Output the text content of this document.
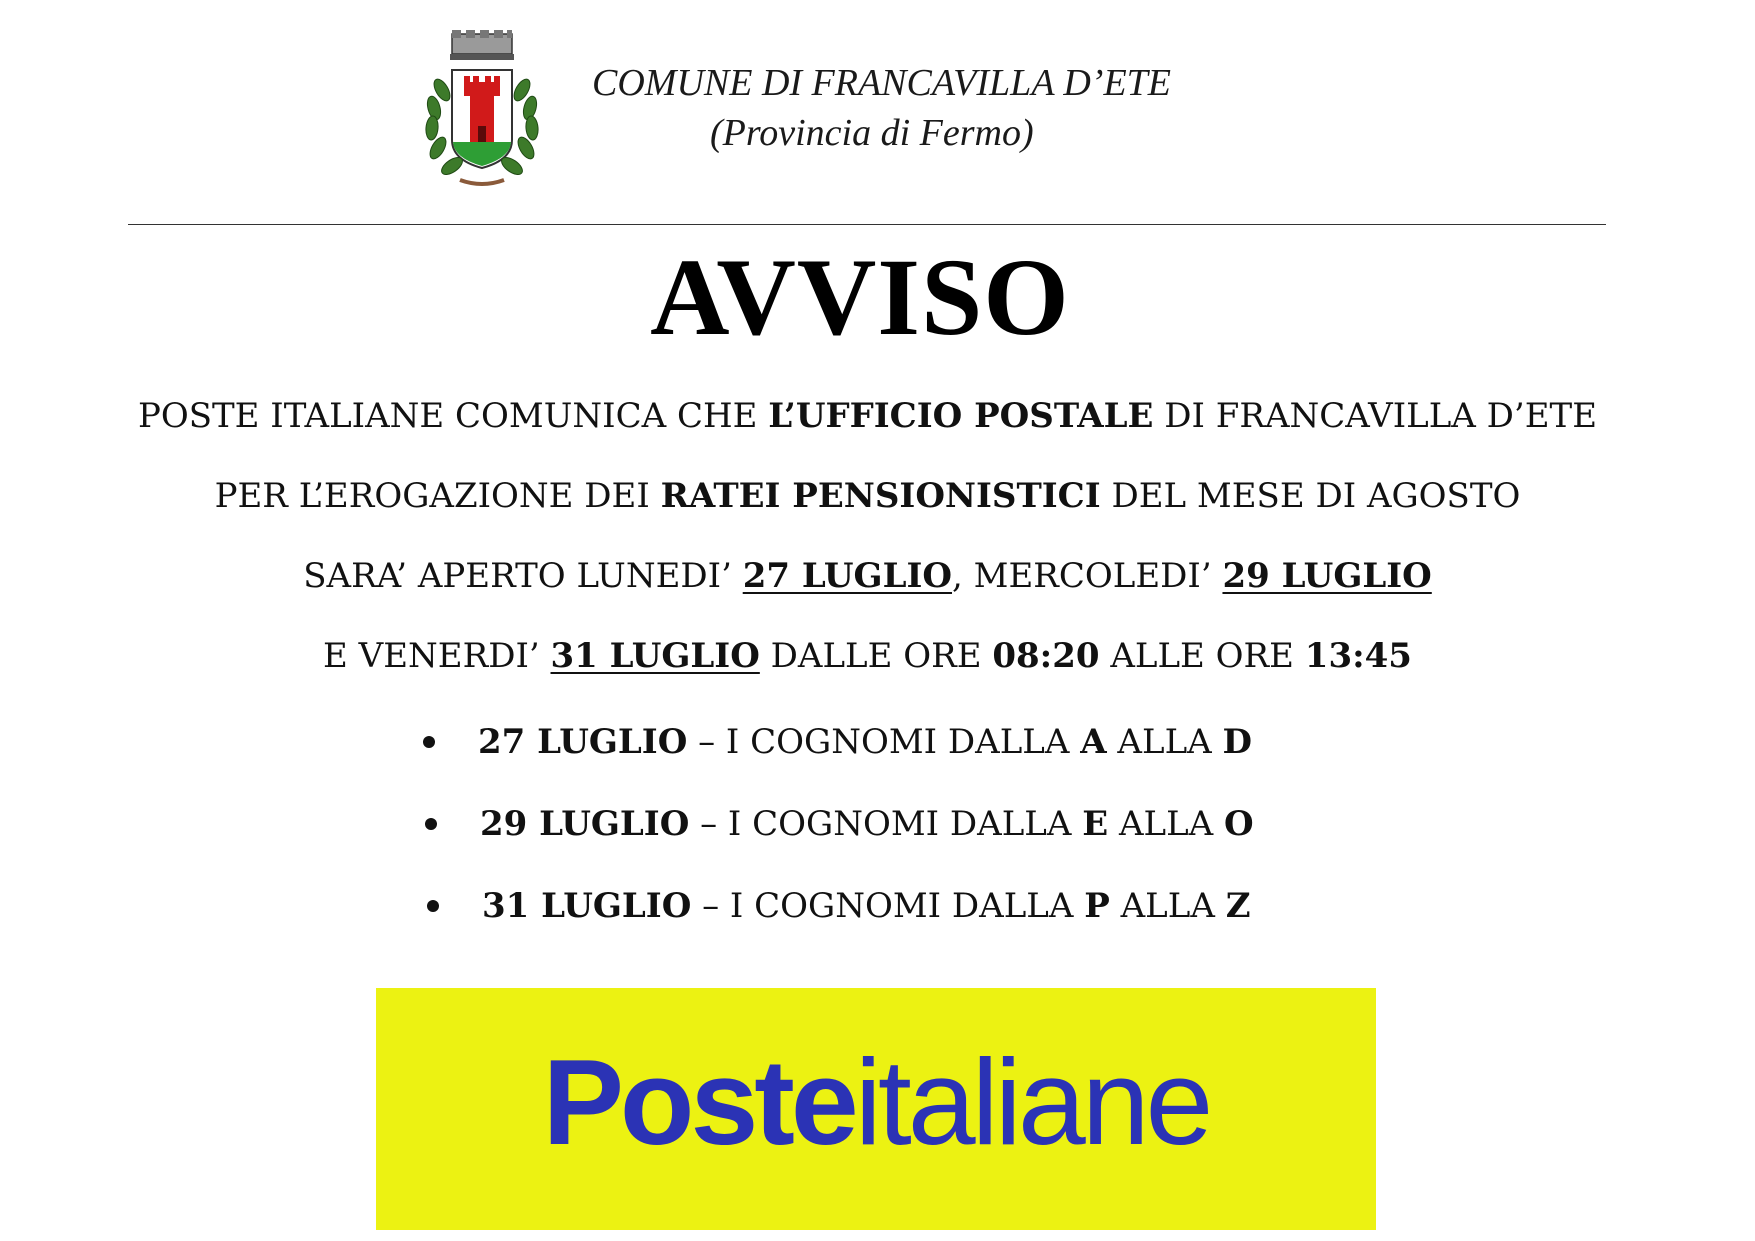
COMUNE DI FRANCAVILLA D’ETE
(Provincia di Fermo)
AVVISO
POSTE ITALIANE COMUNICA CHE L’UFFICIO POSTALE DI FRANCAVILLA D’ETE
PER L’EROGAZIONE DEI RATEI PENSIONISTICI DEL MESE DI AGOSTO
SARA’ APERTO LUNEDI’ 27 LUGLIO, MERCOLEDI’ 29 LUGLIO
E VENERDI’ 31 LUGLIO DALLE ORE 08:20 ALLE ORE 13:45
27 LUGLIO – I COGNOMI DALLA A ALLA D
29 LUGLIO – I COGNOMI DALLA E ALLA O
31 LUGLIO – I COGNOMI DALLA P ALLA Z
Posteitaliane
